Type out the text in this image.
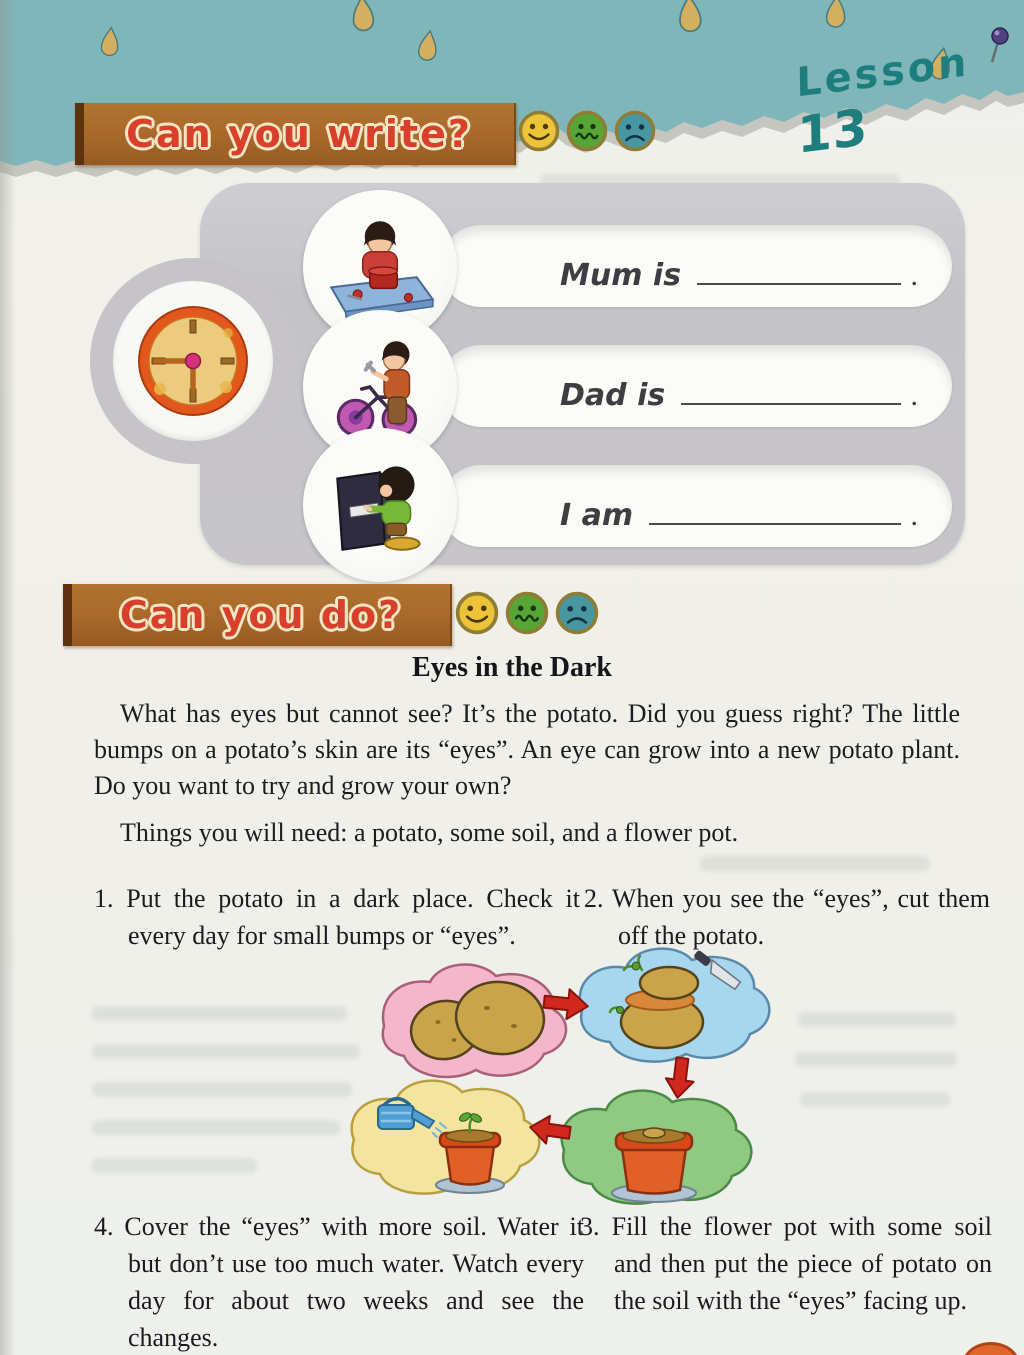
Lesson 13
Can you write?
Mum is	.
Dad is	.
I am	.
Can you do?
Eyes in the Dark

What has eyes but cannot see? It’s the potato. Did you guess right? The little bumps on a potato’s skin are its “eyes”. An eye can grow into a new potato plant. Do you want to try and grow your own?

Things you will need: a potato, some soil, and a flower pot.

1. Put the potato in a dark place. Check it every day for small bumps or “eyes”.

2. When you see the “eyes”, cut them off the potato.

4. Cover the “eyes” with more soil. Water it but don’t use too much water. Watch every day for about two weeks and see the changes.

3. Fill the flower pot with some soil and then put the piece of potato on the soil with the “eyes” facing up.
